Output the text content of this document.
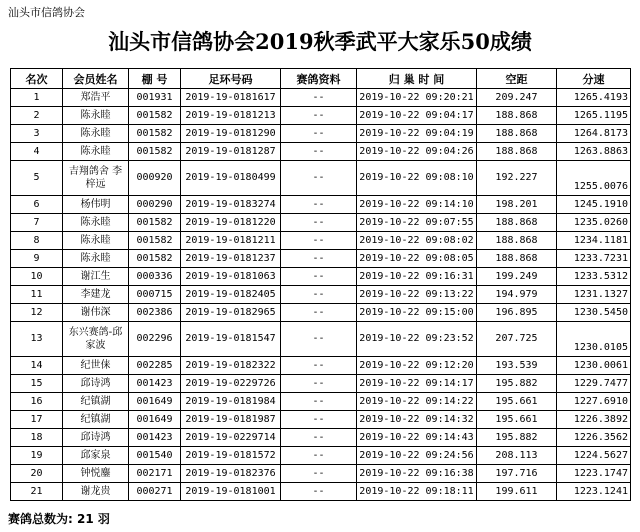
汕头市信鸽协会
汕头市信鸽协会2019秋季武平大家乐50成绩
名次	会员姓名	棚 号	足环号码	赛鸽资料	归 巢 时 间	空距	分速
1	郑浩平	001931	2019-19-0181617	--	2019-10-22 09:20:21	209.247	1265.4193
2	陈永睦	001582	2019-19-0181213	--	2019-10-22 09:04:17	188.868	1265.1195
3	陈永睦	001582	2019-19-0181290	--	2019-10-22 09:04:19	188.868	1264.8173
4	陈永睦	001582	2019-19-0181287	--	2019-10-22 09:04:26	188.868	1263.8863
5	吉翔鸽舍 李梓远	000920	2019-19-0180499	--	2019-10-22 09:08:10	192.227	1255.0076
6	杨伟明	000290	2019-19-0183274	--	2019-10-22 09:14:10	198.201	1245.1910
7	陈永睦	001582	2019-19-0181220	--	2019-10-22 09:07:55	188.868	1235.0260
8	陈永睦	001582	2019-19-0181211	--	2019-10-22 09:08:02	188.868	1234.1181
9	陈永睦	001582	2019-19-0181237	--	2019-10-22 09:08:05	188.868	1233.7231
10	谢江生	000336	2019-19-0181063	--	2019-10-22 09:16:31	199.249	1233.5312
11	李建龙	000715	2019-19-0182405	--	2019-10-22 09:13:22	194.979	1231.1327
12	谢伟深	002386	2019-19-0182965	--	2019-10-22 09:15:00	196.895	1230.5450
13	东兴赛鸽-邱家波	002296	2019-19-0181547	--	2019-10-22 09:23:52	207.725	1230.0105
14	纪世俫	002285	2019-19-0182322	--	2019-10-22 09:12:20	193.539	1230.0061
15	邱诗鸿	001423	2019-19-0229726	--	2019-10-22 09:14:17	195.882	1229.7477
16	纪镇湖	001649	2019-19-0181984	--	2019-10-22 09:14:22	195.661	1227.6910
17	纪镇湖	001649	2019-19-0181987	--	2019-10-22 09:14:32	195.661	1226.3892
18	邱诗鸿	001423	2019-19-0229714	--	2019-10-22 09:14:43	195.882	1226.3562
19	邱家泉	001540	2019-19-0181572	--	2019-10-22 09:24:56	208.113	1224.5627
20	钟悦鏖	002171	2019-19-0182376	--	2019-10-22 09:16:38	197.716	1223.1747
21	谢龙贵	000271	2019-19-0181001	--	2019-10-22 09:18:11	199.611	1223.1241
赛鸽总数为: 21 羽
